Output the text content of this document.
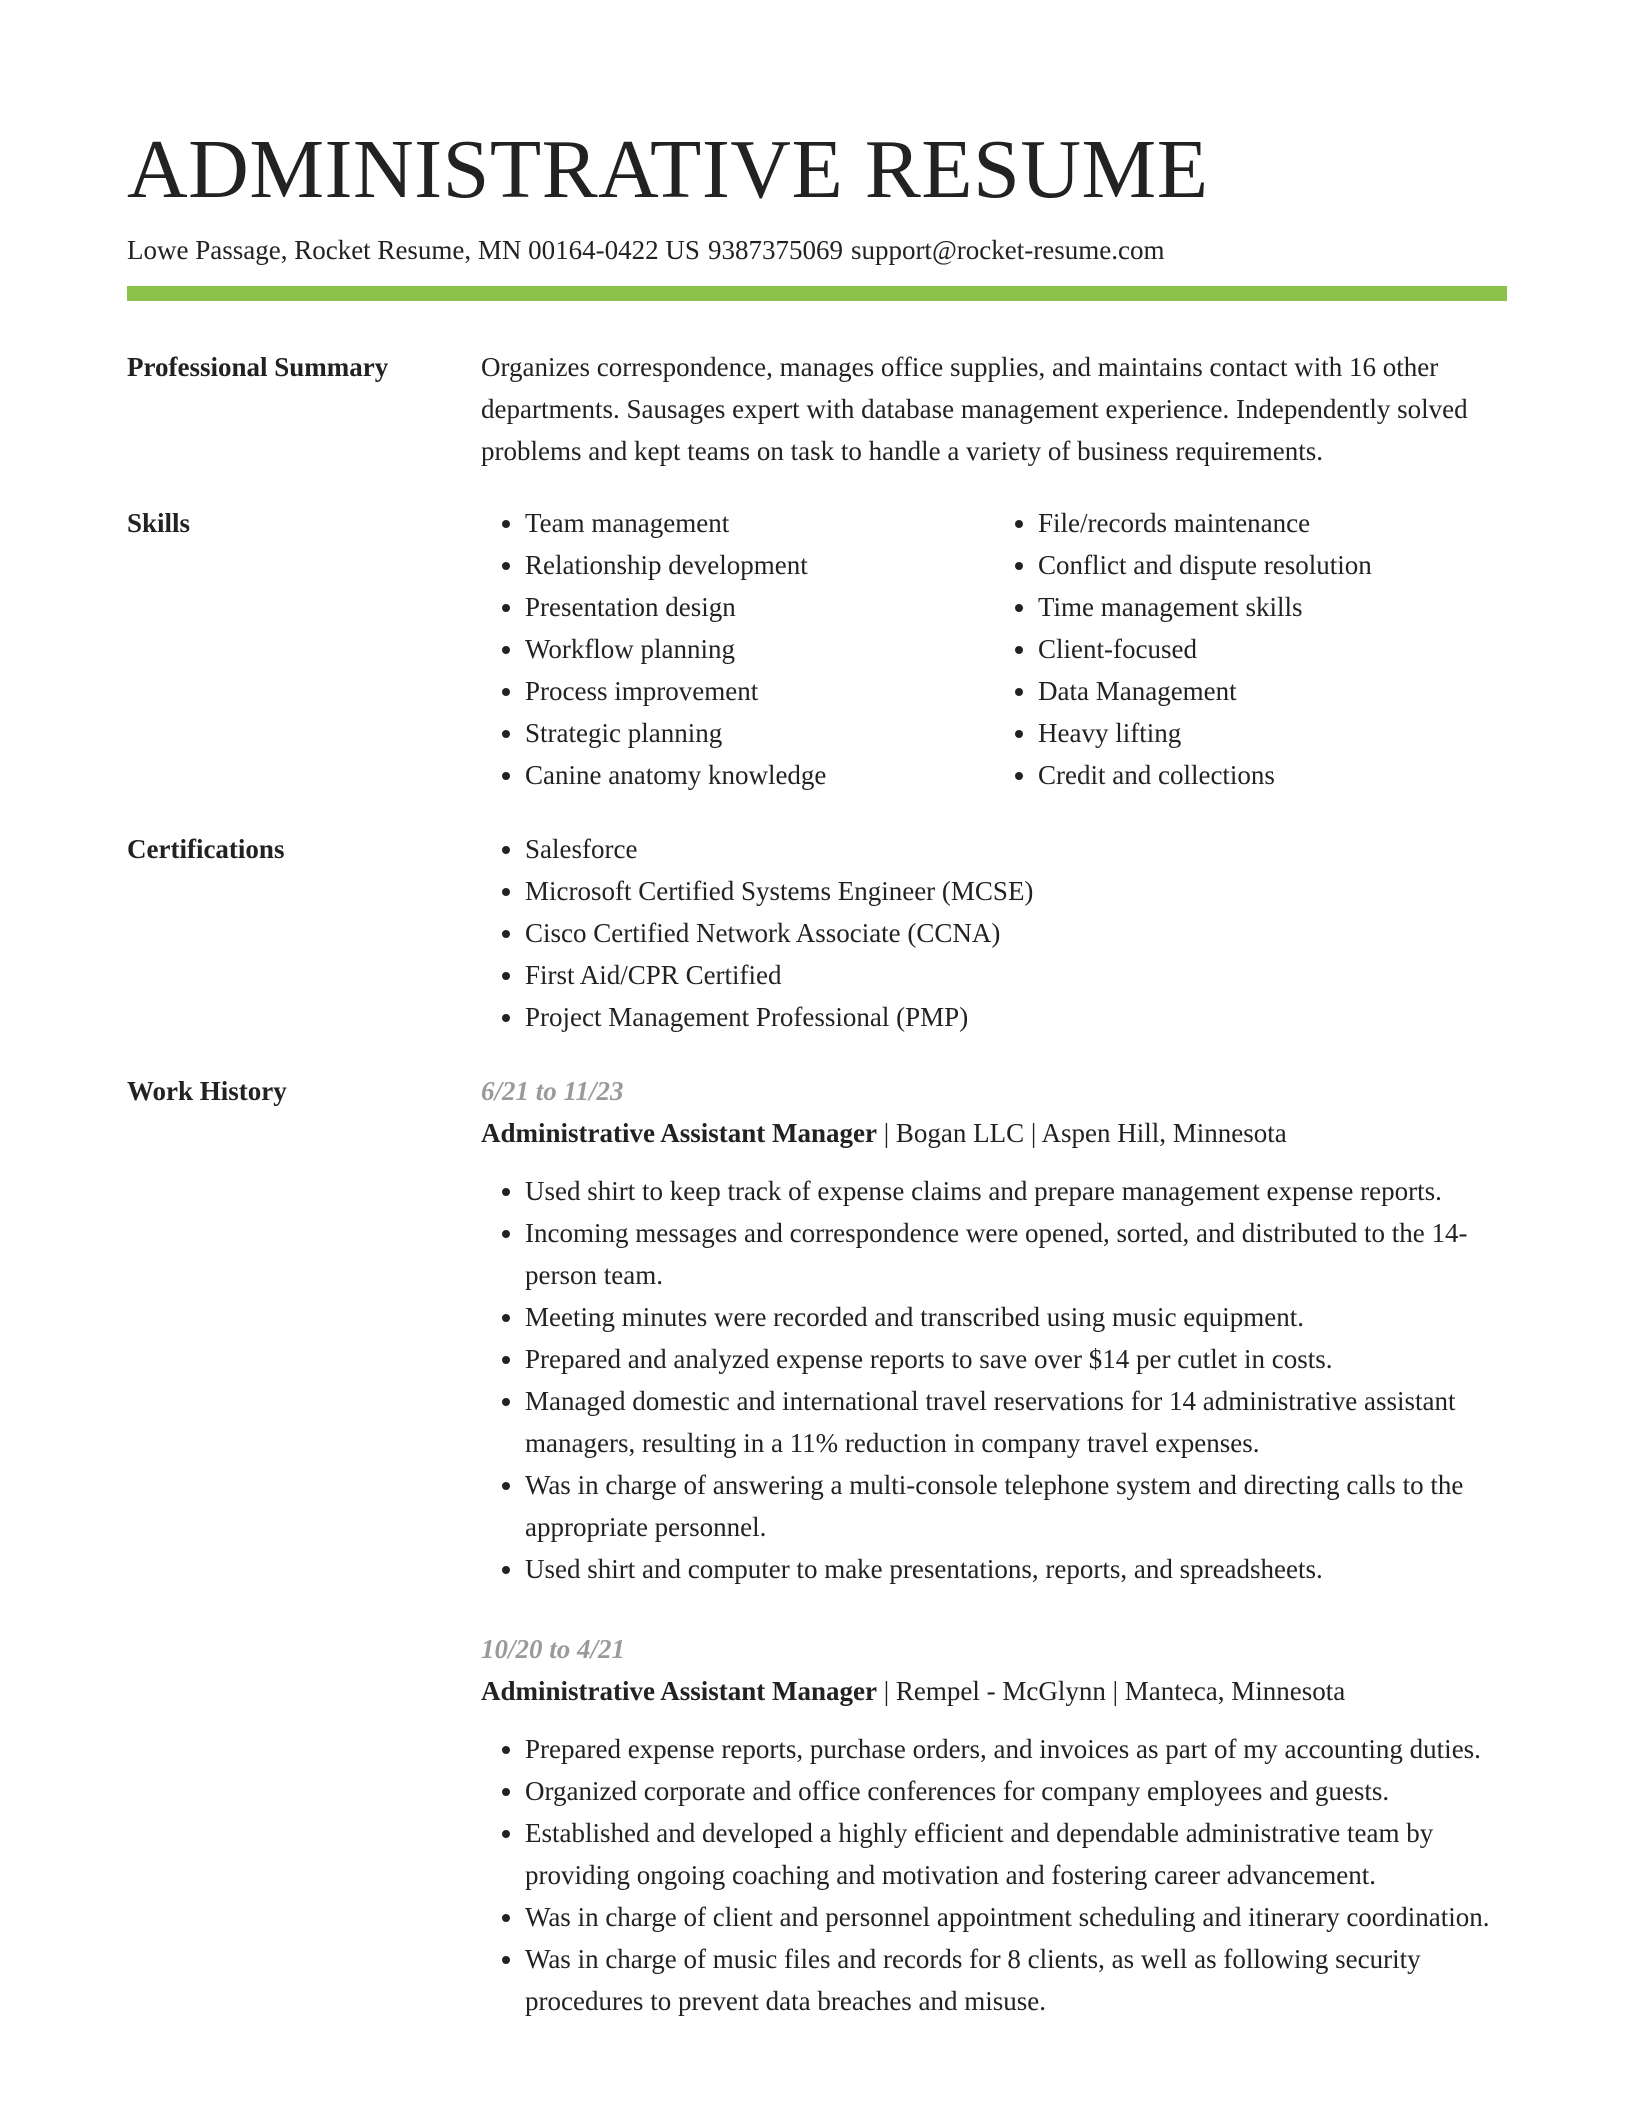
ADMINISTRATIVE RESUME
Lowe Passage, Rocket Resume, MN 00164-0422 US 9387375069 support@rocket-resume.com
Professional Summary	Organizes correspondence, manages office supplies, and maintains contact with 16 other departments. Sausages expert with database management experience. Independently solved problems and kept teams on task to handle a variety of business requirements.

Skills	• Team management
• Relationship development
• Presentation design
• Workflow planning
• Process improvement
• Strategic planning
• Canine anatomy knowledge
• File/records maintenance
• Conflict and dispute resolution
• Time management skills
• Client-focused
• Data Management
• Heavy lifting
• Credit and collections
Certifications	• Salesforce
• Microsoft Certified Systems Engineer (MCSE)
• Cisco Certified Network Associate (CCNA)
• First Aid/CPR Certified
• Project Management Professional (PMP)
Work History	6/21 to 11/23
Administrative Assistant Manager | Bogan LLC | Aspen Hill, Minnesota
• Used shirt to keep track of expense claims and prepare management expense reports.
• Incoming messages and correspondence were opened, sorted, and distributed to the 14-person team.
• Meeting minutes were recorded and transcribed using music equipment.
• Prepared and analyzed expense reports to save over $14 per cutlet in costs.
• Managed domestic and international travel reservations for 14 administrative assistant managers, resulting in a 11% reduction in company travel expenses.
• Was in charge of answering a multi-console telephone system and directing calls to the appropriate personnel.
• Used shirt and computer to make presentations, reports, and spreadsheets.
10/20 to 4/21
Administrative Assistant Manager | Rempel - McGlynn | Manteca, Minnesota
• Prepared expense reports, purchase orders, and invoices as part of my accounting duties.
• Organized corporate and office conferences for company employees and guests.
• Established and developed a highly efficient and dependable administrative team by providing ongoing coaching and motivation and fostering career advancement.
• Was in charge of client and personnel appointment scheduling and itinerary coordination.
• Was in charge of music files and records for 8 clients, as well as following security procedures to prevent data breaches and misuse.
